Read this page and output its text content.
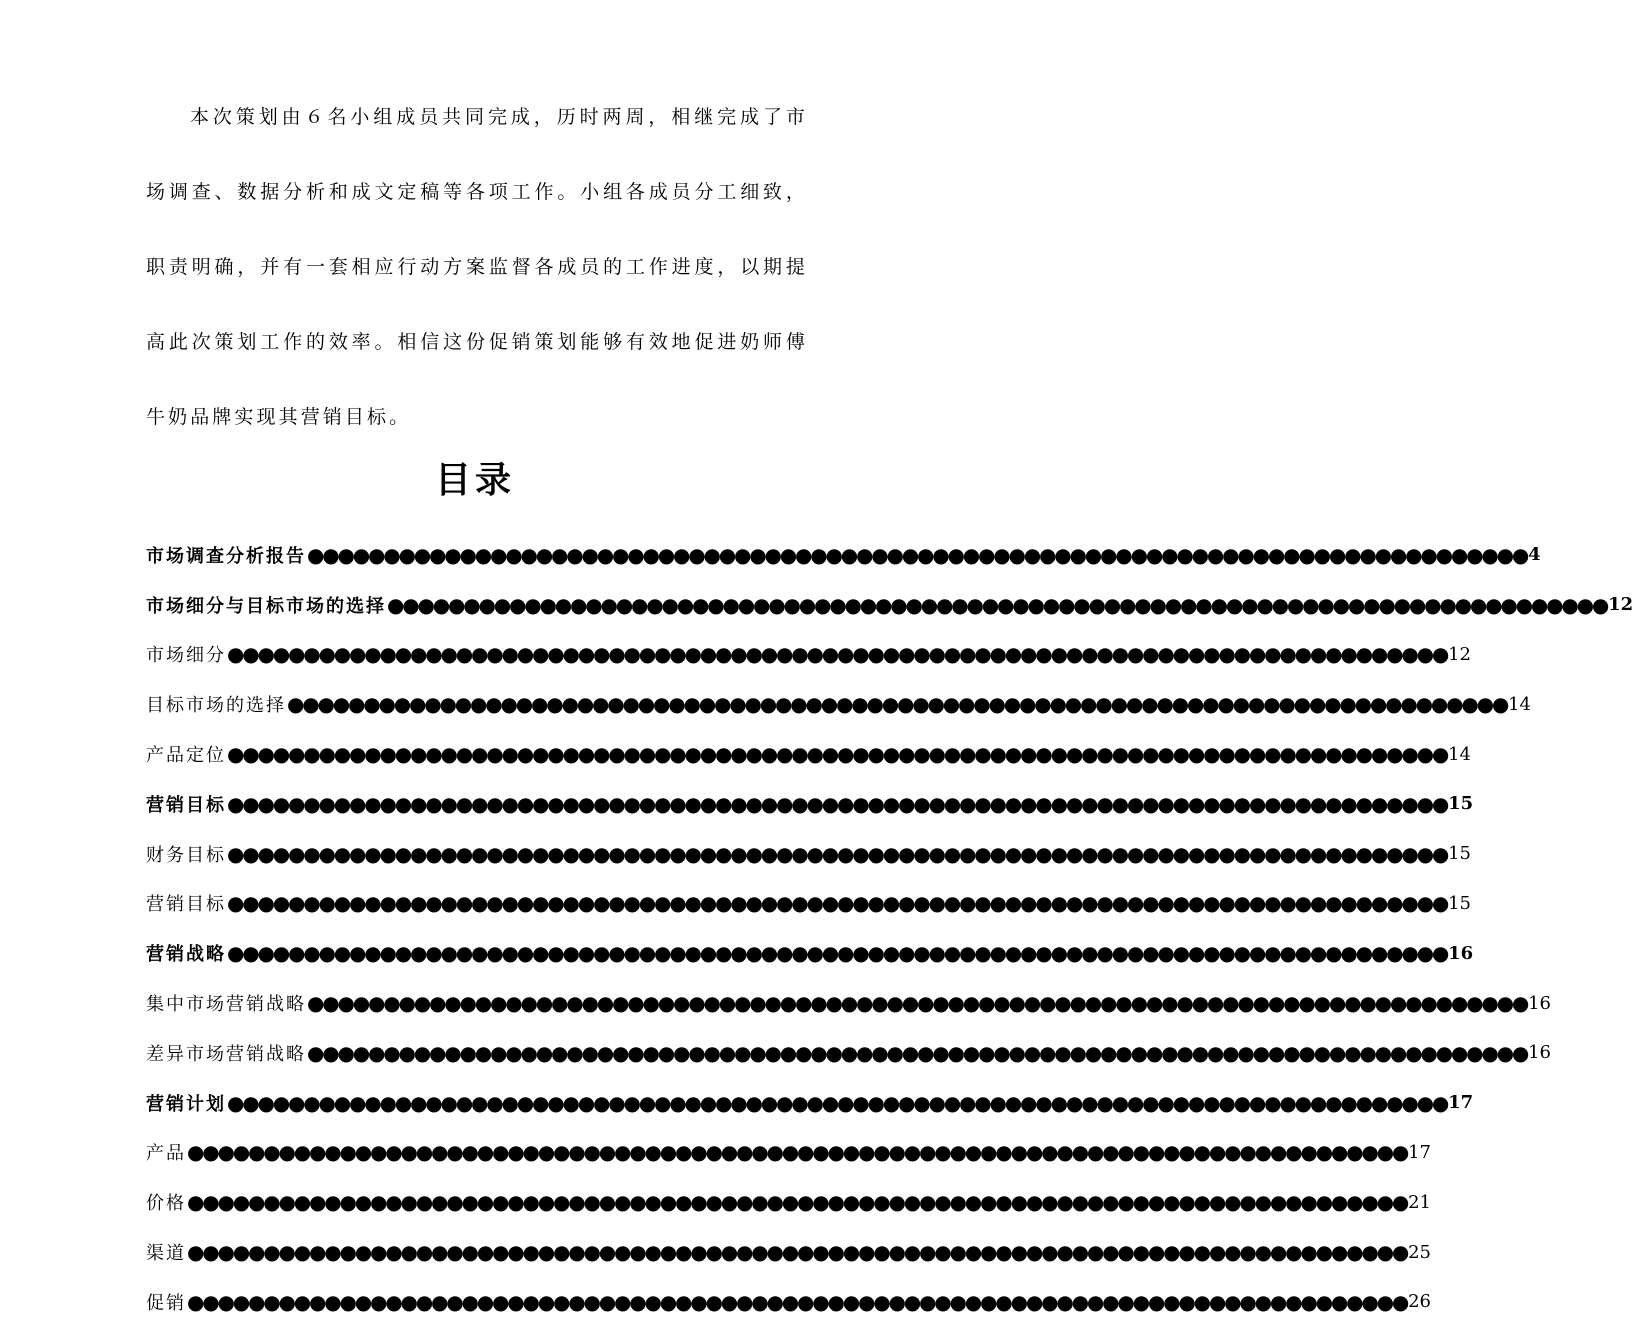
本次策划由６名小组成员共同完成，历时两周，相继完成了市场调查、数据分析和成文定稿等各项工作。小组各成员分工细致，职责明确，并有一套相应行动方案监督各成员的工作进度，以期提高此次策划工作的效率。相信这份促销策划能够有效地促进奶师傅牛奶品牌实现其营销目标。

目录
市场调查分析报告 ●●●●●●●●●●●●●●●●●●●●●●●●●●●●●●●●●●●●●●●●●●●●●●●●●●●●●●●●●●●●●●●●●●●●●●●●●●●●●●●● 4
市场细分与目标市场的选择 ●●●●●●●●●●●●●●●●●●●●●●●●●●●●●●●●●●●●●●●●●●●●●●●●●●●●●●●●●●●●●●●●●●●●●●●●●●●●●●●● 12
市场细分 ●●●●●●●●●●●●●●●●●●●●●●●●●●●●●●●●●●●●●●●●●●●●●●●●●●●●●●●●●●●●●●●●●●●●●●●●●●●●●●●● 12
目标市场的选择 ●●●●●●●●●●●●●●●●●●●●●●●●●●●●●●●●●●●●●●●●●●●●●●●●●●●●●●●●●●●●●●●●●●●●●●●●●●●●●●●● 14
产品定位 ●●●●●●●●●●●●●●●●●●●●●●●●●●●●●●●●●●●●●●●●●●●●●●●●●●●●●●●●●●●●●●●●●●●●●●●●●●●●●●●● 14
营销目标 ●●●●●●●●●●●●●●●●●●●●●●●●●●●●●●●●●●●●●●●●●●●●●●●●●●●●●●●●●●●●●●●●●●●●●●●●●●●●●●●● 15
财务目标 ●●●●●●●●●●●●●●●●●●●●●●●●●●●●●●●●●●●●●●●●●●●●●●●●●●●●●●●●●●●●●●●●●●●●●●●●●●●●●●●● 15
营销目标 ●●●●●●●●●●●●●●●●●●●●●●●●●●●●●●●●●●●●●●●●●●●●●●●●●●●●●●●●●●●●●●●●●●●●●●●●●●●●●●●● 15
营销战略 ●●●●●●●●●●●●●●●●●●●●●●●●●●●●●●●●●●●●●●●●●●●●●●●●●●●●●●●●●●●●●●●●●●●●●●●●●●●●●●●● 16
集中市场营销战略 ●●●●●●●●●●●●●●●●●●●●●●●●●●●●●●●●●●●●●●●●●●●●●●●●●●●●●●●●●●●●●●●●●●●●●●●●●●●●●●●● 16
差异市场营销战略 ●●●●●●●●●●●●●●●●●●●●●●●●●●●●●●●●●●●●●●●●●●●●●●●●●●●●●●●●●●●●●●●●●●●●●●●●●●●●●●●● 16
营销计划 ●●●●●●●●●●●●●●●●●●●●●●●●●●●●●●●●●●●●●●●●●●●●●●●●●●●●●●●●●●●●●●●●●●●●●●●●●●●●●●●● 17
产品 ●●●●●●●●●●●●●●●●●●●●●●●●●●●●●●●●●●●●●●●●●●●●●●●●●●●●●●●●●●●●●●●●●●●●●●●●●●●●●●●● 17
价格 ●●●●●●●●●●●●●●●●●●●●●●●●●●●●●●●●●●●●●●●●●●●●●●●●●●●●●●●●●●●●●●●●●●●●●●●●●●●●●●●● 21
渠道 ●●●●●●●●●●●●●●●●●●●●●●●●●●●●●●●●●●●●●●●●●●●●●●●●●●●●●●●●●●●●●●●●●●●●●●●●●●●●●●●● 25
促销 ●●●●●●●●●●●●●●●●●●●●●●●●●●●●●●●●●●●●●●●●●●●●●●●●●●●●●●●●●●●●●●●●●●●●●●●●●●●●●●●● 26
